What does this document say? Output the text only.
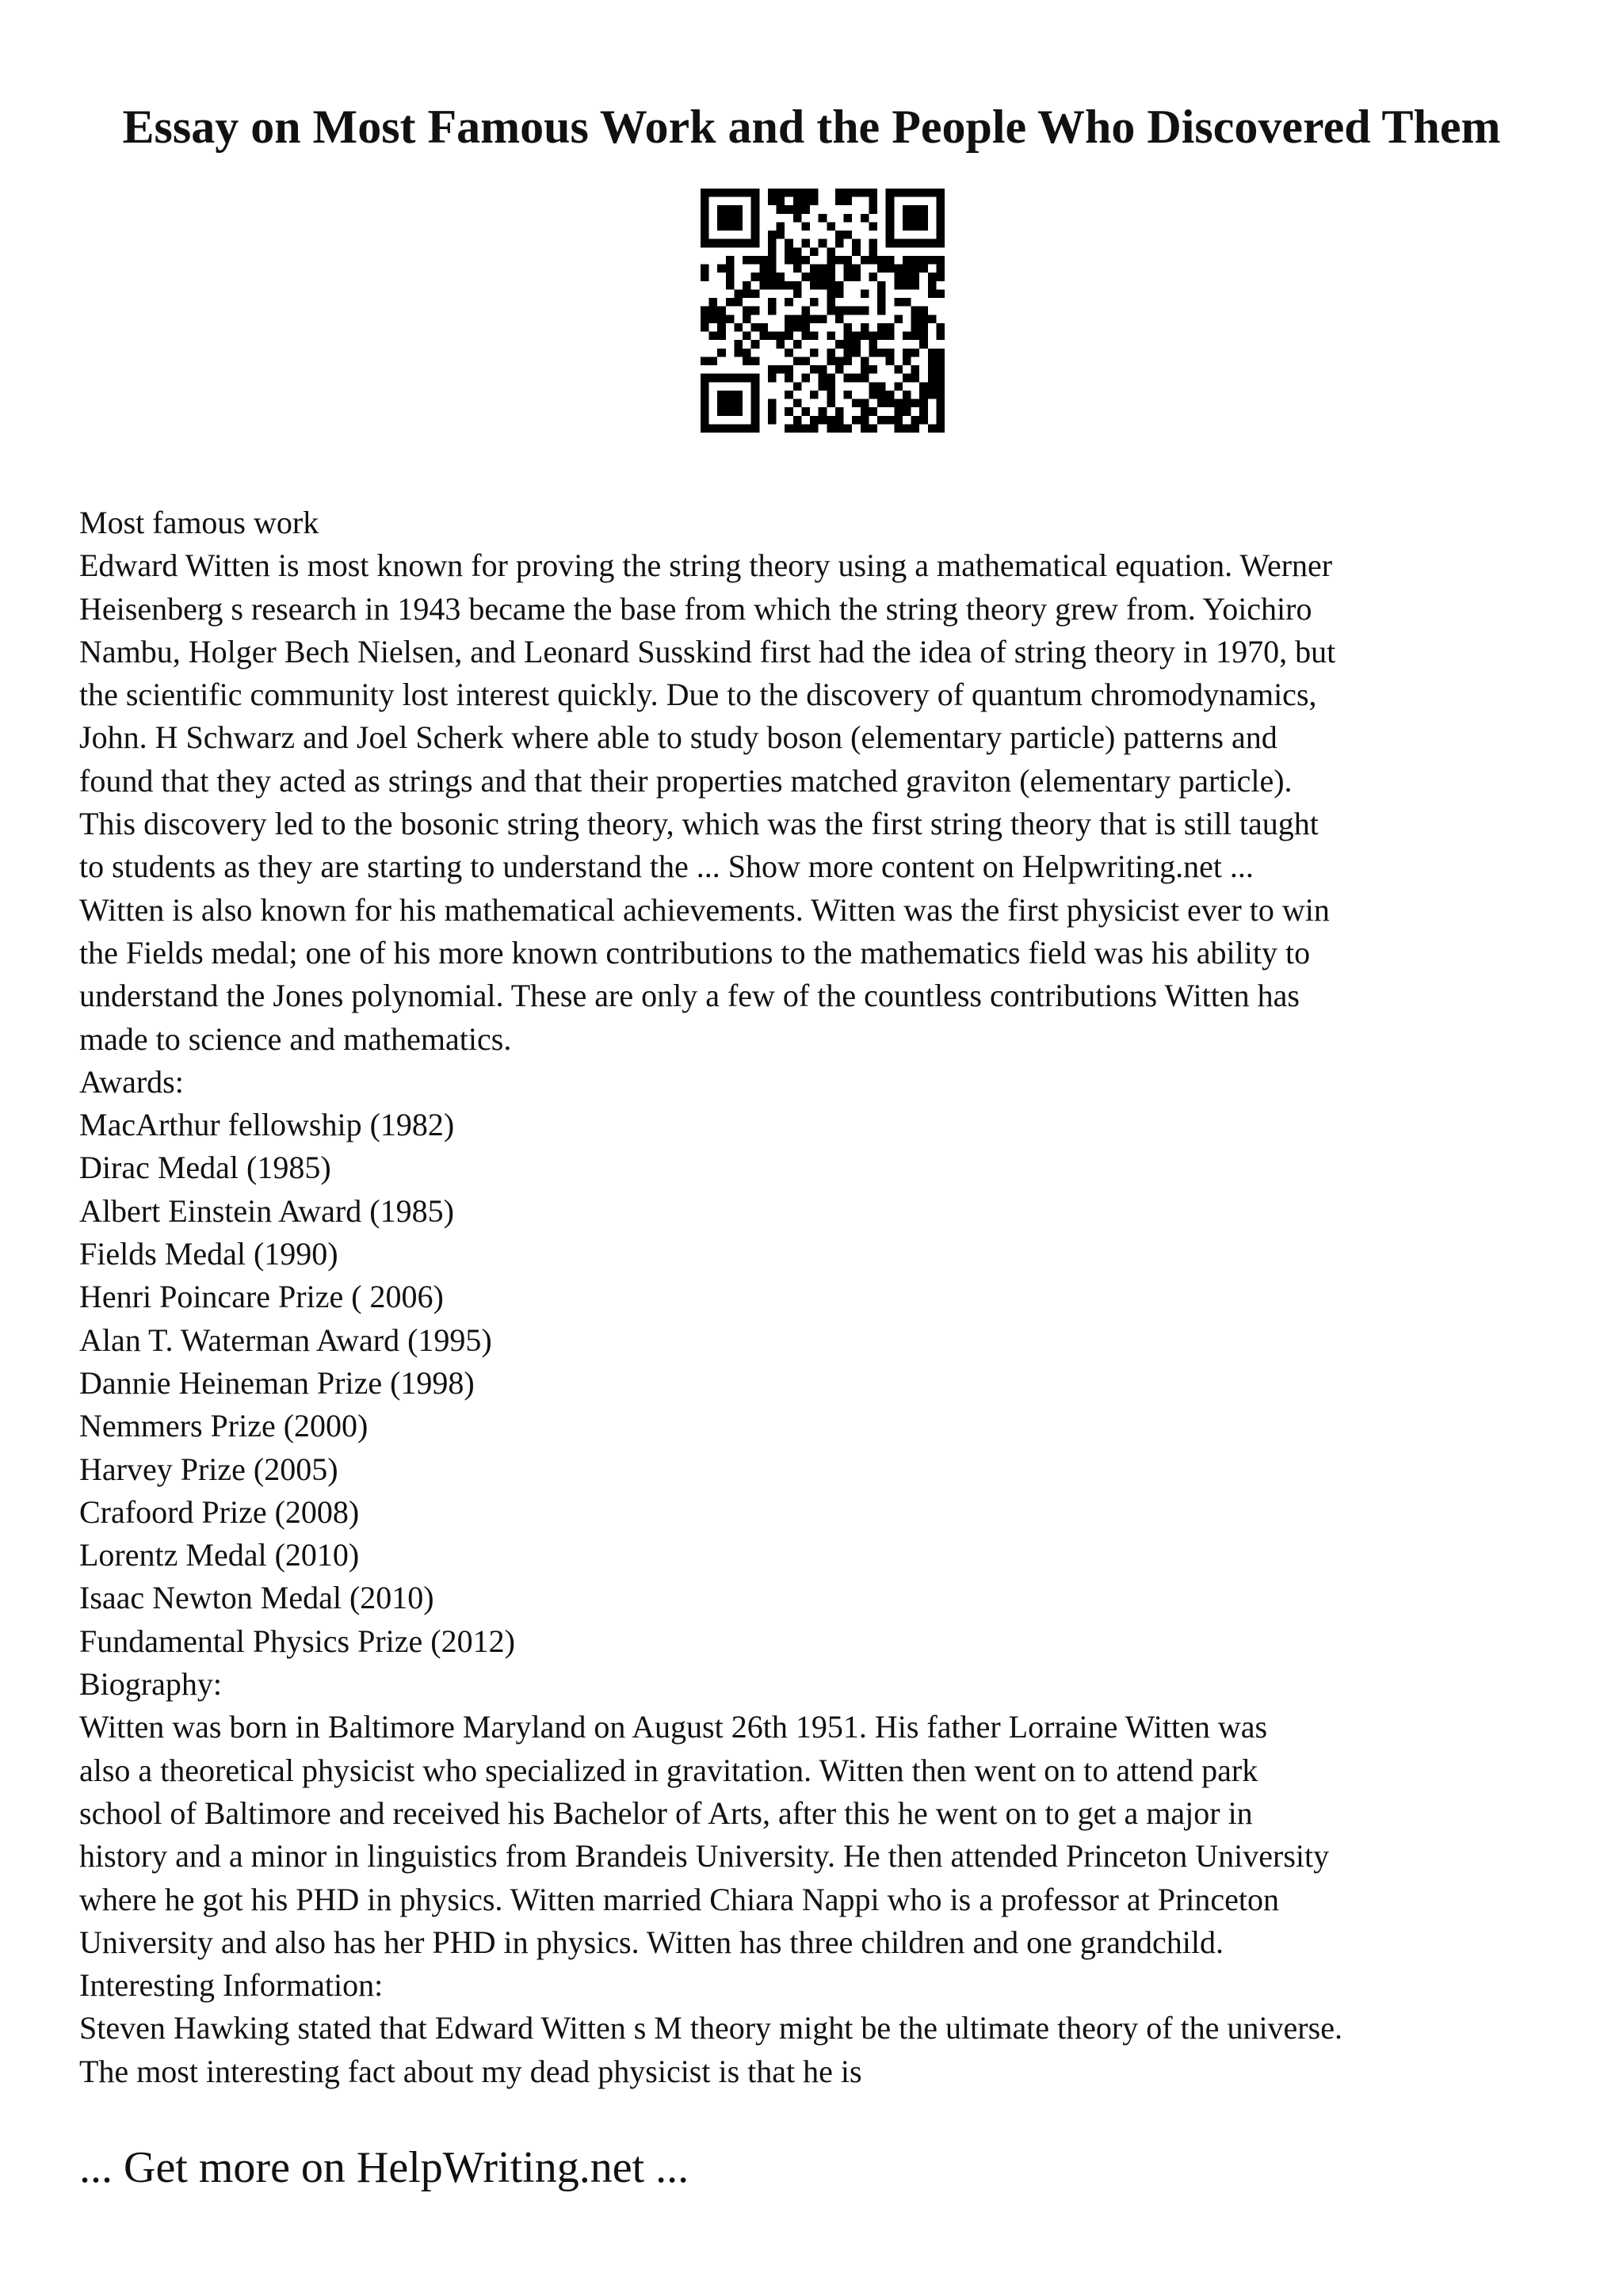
Essay on Most Famous Work and the People Who Discovered Them
Most famous work
Edward Witten is most known for proving the string theory using a mathematical equation. Werner
Heisenberg s research in 1943 became the base from which the string theory grew from. Yoichiro
Nambu, Holger Bech Nielsen, and Leonard Susskind first had the idea of string theory in 1970, but
the scientific community lost interest quickly. Due to the discovery of quantum chromodynamics,
John. H Schwarz and Joel Scherk where able to study boson (elementary particle) patterns and
found that they acted as strings and that their properties matched graviton (elementary particle).
This discovery led to the bosonic string theory, which was the first string theory that is still taught
to students as they are starting to understand the ... Show more content on Helpwriting.net ...
Witten is also known for his mathematical achievements. Witten was the first physicist ever to win
the Fields medal; one of his more known contributions to the mathematics field was his ability to
understand the Jones polynomial. These are only a few of the countless contributions Witten has
made to science and mathematics.
Awards:
MacArthur fellowship (1982)
Dirac Medal (1985)
Albert Einstein Award (1985)
Fields Medal (1990)
Henri Poincare Prize ( 2006)
Alan T. Waterman Award (1995)
Dannie Heineman Prize (1998)
Nemmers Prize (2000)
Harvey Prize (2005)
Crafoord Prize (2008)
Lorentz Medal (2010)
Isaac Newton Medal (2010)
Fundamental Physics Prize (2012)
Biography:
Witten was born in Baltimore Maryland on August 26th 1951. His father Lorraine Witten was
also a theoretical physicist who specialized in gravitation. Witten then went on to attend park
school of Baltimore and received his Bachelor of Arts, after this he went on to get a major in
history and a minor in linguistics from Brandeis University. He then attended Princeton University
where he got his PHD in physics. Witten married Chiara Nappi who is a professor at Princeton
University and also has her PHD in physics. Witten has three children and one grandchild.
Interesting Information:
Steven Hawking stated that Edward Witten s M theory might be the ultimate theory of the universe.
The most interesting fact about my dead physicist is that he is
... Get more on HelpWriting.net ...
